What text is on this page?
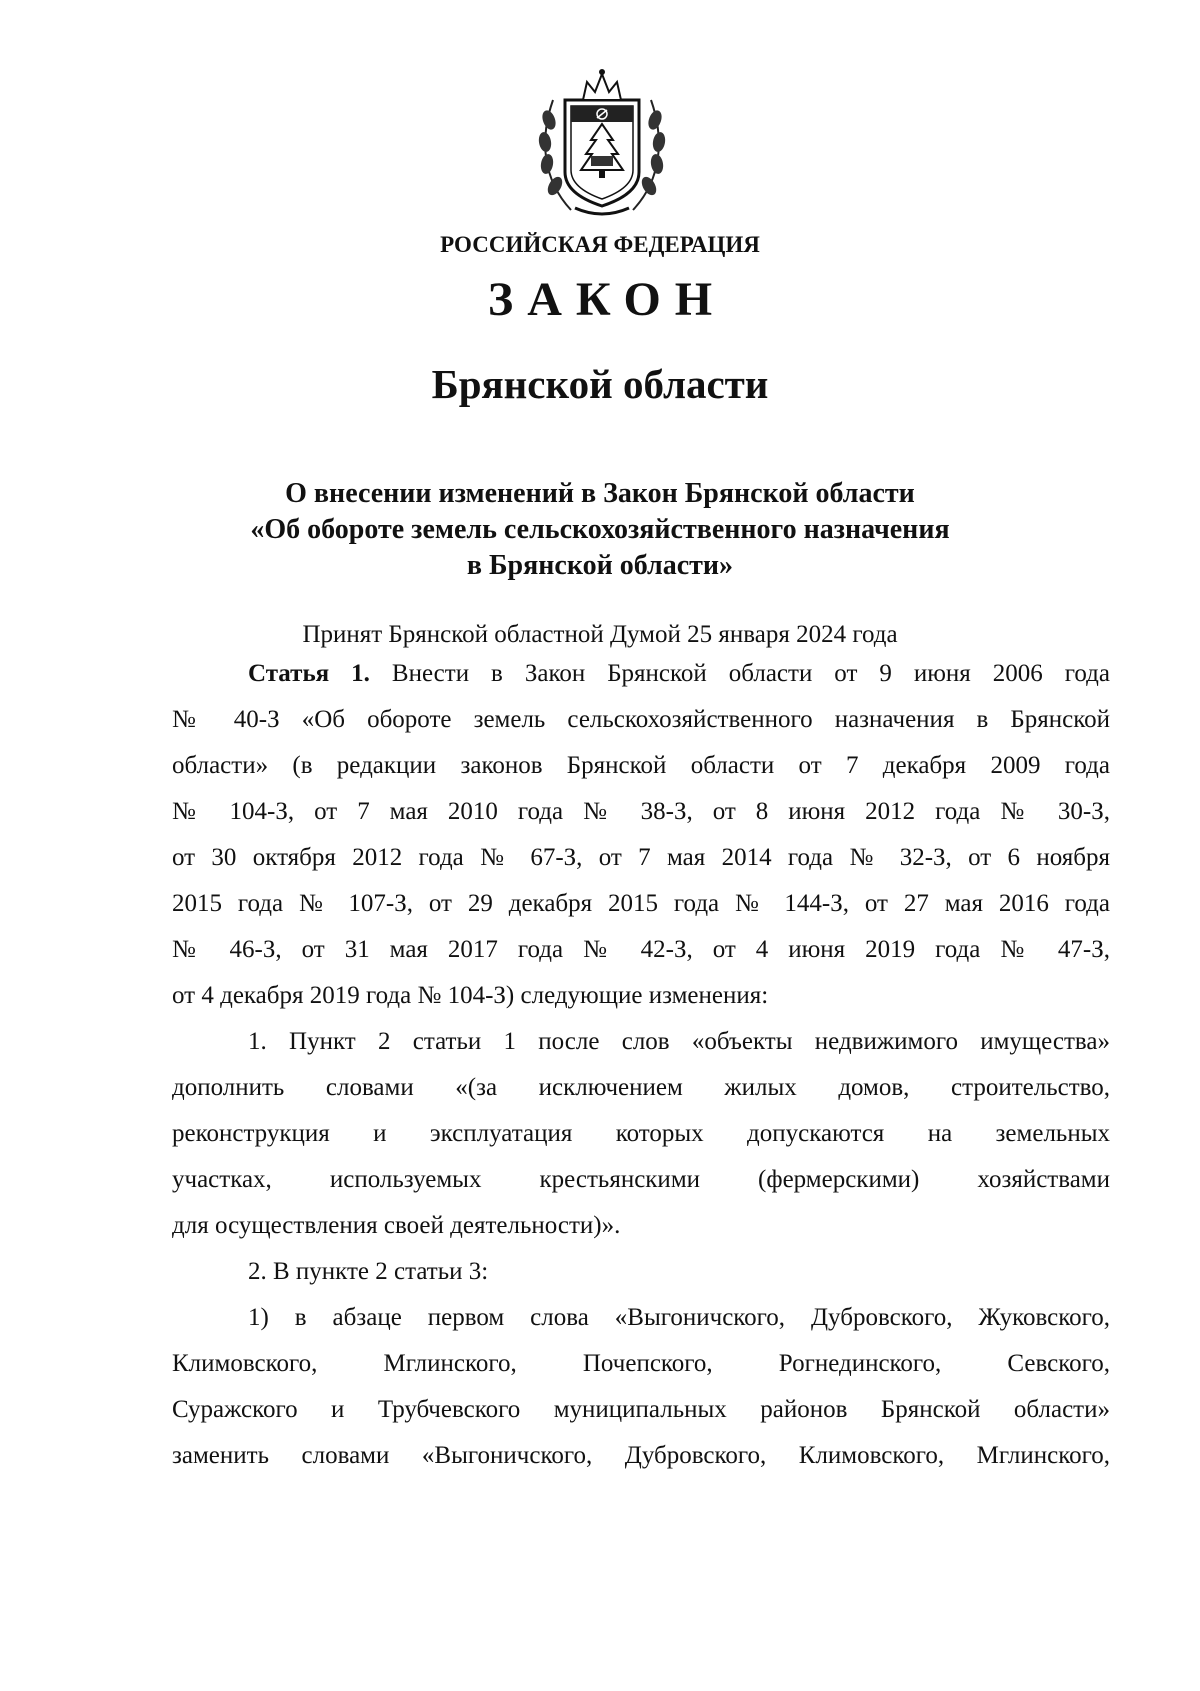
РОССИЙСКАЯ ФЕДЕРАЦИЯ
ЗАКОН
Брянской области
О внесении изменений в Закон Брянской области
«Об обороте земель сельскохозяйственного назначения
в Брянской области»
Принят Брянской областной Думой 25 января 2024 года
Статья 1. Внести в Закон Брянской области от 9 июня 2006 года
№ 40-З «Об обороте земель сельскохозяйственного назначения в Брянской
области» (в редакции законов Брянской области от 7 декабря 2009 года
№ 104-З, от 7 мая 2010 года № 38-З, от 8 июня 2012 года № 30-З,
от 30 октября 2012 года № 67-З, от 7 мая 2014 года № 32-З, от 6 ноября
2015 года № 107-З, от 29 декабря 2015 года № 144-З, от 27 мая 2016 года
№ 46-З, от 31 мая 2017 года № 42-З, от 4 июня 2019 года № 47-З,
от 4 декабря 2019 года № 104-З) следующие изменения:
1. Пункт 2 статьи 1 после слов «объекты недвижимого имущества»
дополнить словами «(за исключением жилых домов, строительство,
реконструкция и эксплуатация которых допускаются на земельных
участках, используемых крестьянскими (фермерскими) хозяйствами
для осуществления своей деятельности)».
2. В пункте 2 статьи 3:
1) в абзаце первом слова «Выгоничского, Дубровского, Жуковского,
Климовского, Мглинского, Почепского, Рогнединского, Севского,
Суражского и Трубчевского муниципальных районов Брянской области»
заменить словами «Выгоничского, Дубровского, Климовского, Мглинского,
